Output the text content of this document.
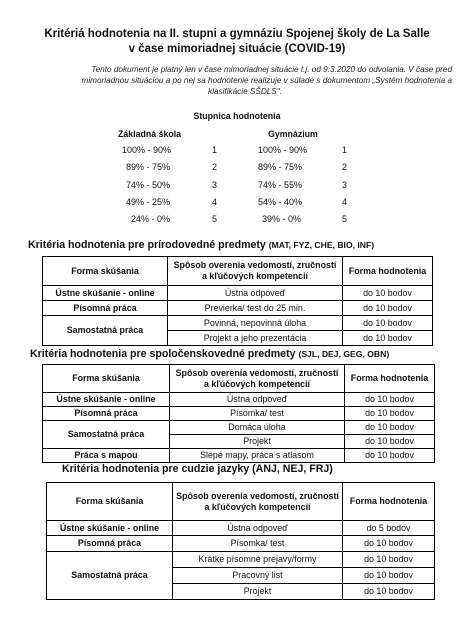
Kritériá hodnotenia na II. stupni a gymnáziu Spojenej školy de La Salle
v čase mimoriadnej situácie (COVID-19)
Tento dokument je platný len v čase mimoriadnej situácie t.j. od 9.3.2020 do odvolania. V čase pred
mimoriadnou situáciou a po nej sa hodnotenie realizuje v súlade s dokumentom „Systém hodnotenia a
klasifikácie SŠDLS".
Stupnica hodnotenia
Základná škola	Gymnázium
100% - 90%	1	100% - 90%	1
89% - 75%	2	89% - 75%	2
74% - 50%	3	74% - 55%	3
49% - 25%	4	54% - 40%	4
24% - 0%	5	39% - 0%	5
Kritéria hodnotenia pre prírodovedné predmety (MAT, FYZ, CHE, BIO, INF)
Forma skúšania	Spôsob overenia vedomostí, zručností a kľúčových kompetencií	Forma hodnotenia
Ústne skúšanie - online	Ústna odpoveď	do 10 bodov
Písomná práca	Previerka/ test do 25 min.	do 10 bodov
Samostatná práca	Povinná, nepovinná úloha	do 10 bodov
	Projekt a jeho prezentácia	do 10 bodov
Kritéria hodnotenia pre spoločenskovedné predmety (SJL, DEJ, GEG, OBN)
Forma skúšania	Spôsob overenia vedomostí, zručností a kľúčových kompetencií	Forma hodnotenia
Ústne skúšanie - online	Ústna odpoveď	do 10 bodov
Písomná práca	Písomka/ test	do 10 bodov
Samostatná práca	Domáca úloha	do 10 bodov
	Projekt	do 10 bodov
Práca s mapou	Slepé mapy, práca s atlasom	do 10 bodov
Kritéria hodnotenia pre cudzie jazyky (ANJ, NEJ, FRJ)
Forma skúšania	Spôsob overenia vedomostí, zručností a kľúčových kompetencií	Forma hodnotenia
Ústne skúšanie - online	Ústna odpoveď	do 5 bodov
Písomná práca	Písomka/ test	do 10 bodov
Samostatná práca	Krátke písomné prejavy/formy	do 10 bodov
	Pracovný list	do 10 bodov
	Projekt	do 10 bodov
